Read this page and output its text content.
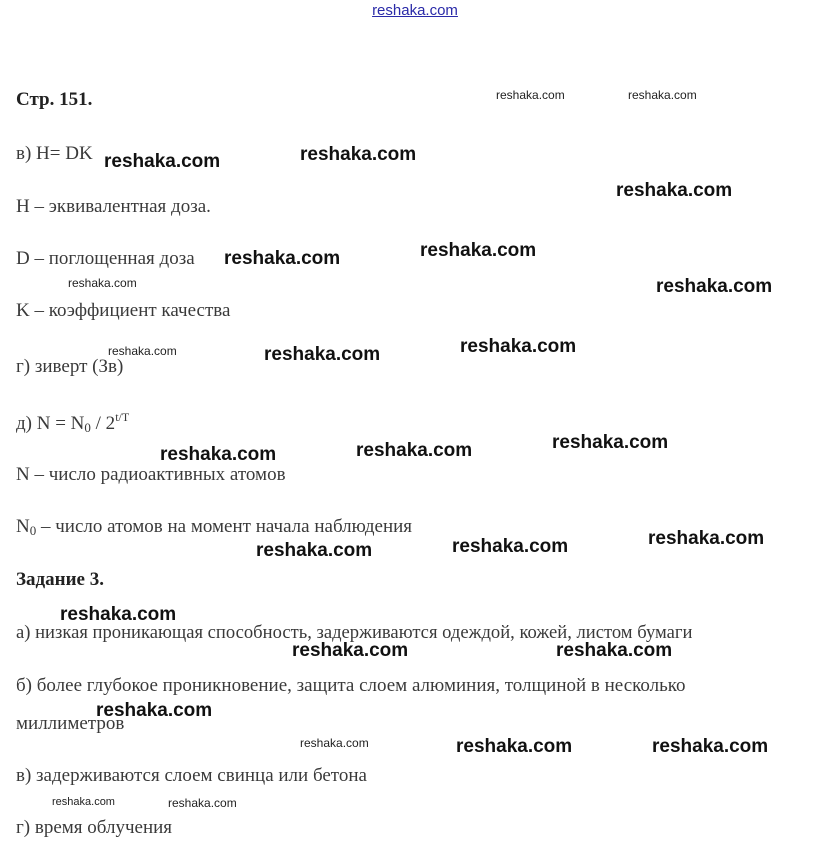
reshaka.com
Стр. 151.
в) H= DK
H – эквивалентная доза.
D – поглощенная доза
K – коэффициент качества
г) зиверт (Зв)
д) $N = N_0 / 2^{t/T}$
N – число радиоактивных атомов
$N_0$ – число атомов на момент начала наблюдения
Задание 3.
а) низкая проникающая способность, задерживаются одеждой, кожей, листом бумаги
б) более глубокое проникновение, защита слоем алюминия, толщиной в несколько
миллиметров
в) задерживаются слоем свинца или бетона
г) время облучения
reshaka.com	reshaka.com
reshaka.com	reshaka.com
reshaka.com
reshaka.com	reshaka.com
reshaka.com	reshaka.com
reshaka.com	reshaka.com	reshaka.com
reshaka.com	reshaka.com	reshaka.com
reshaka.com	reshaka.com	reshaka.com
reshaka.com
reshaka.com	reshaka.com
reshaka.com
reshaka.com	reshaka.com	reshaka.com
reshaka.com	reshaka.com
